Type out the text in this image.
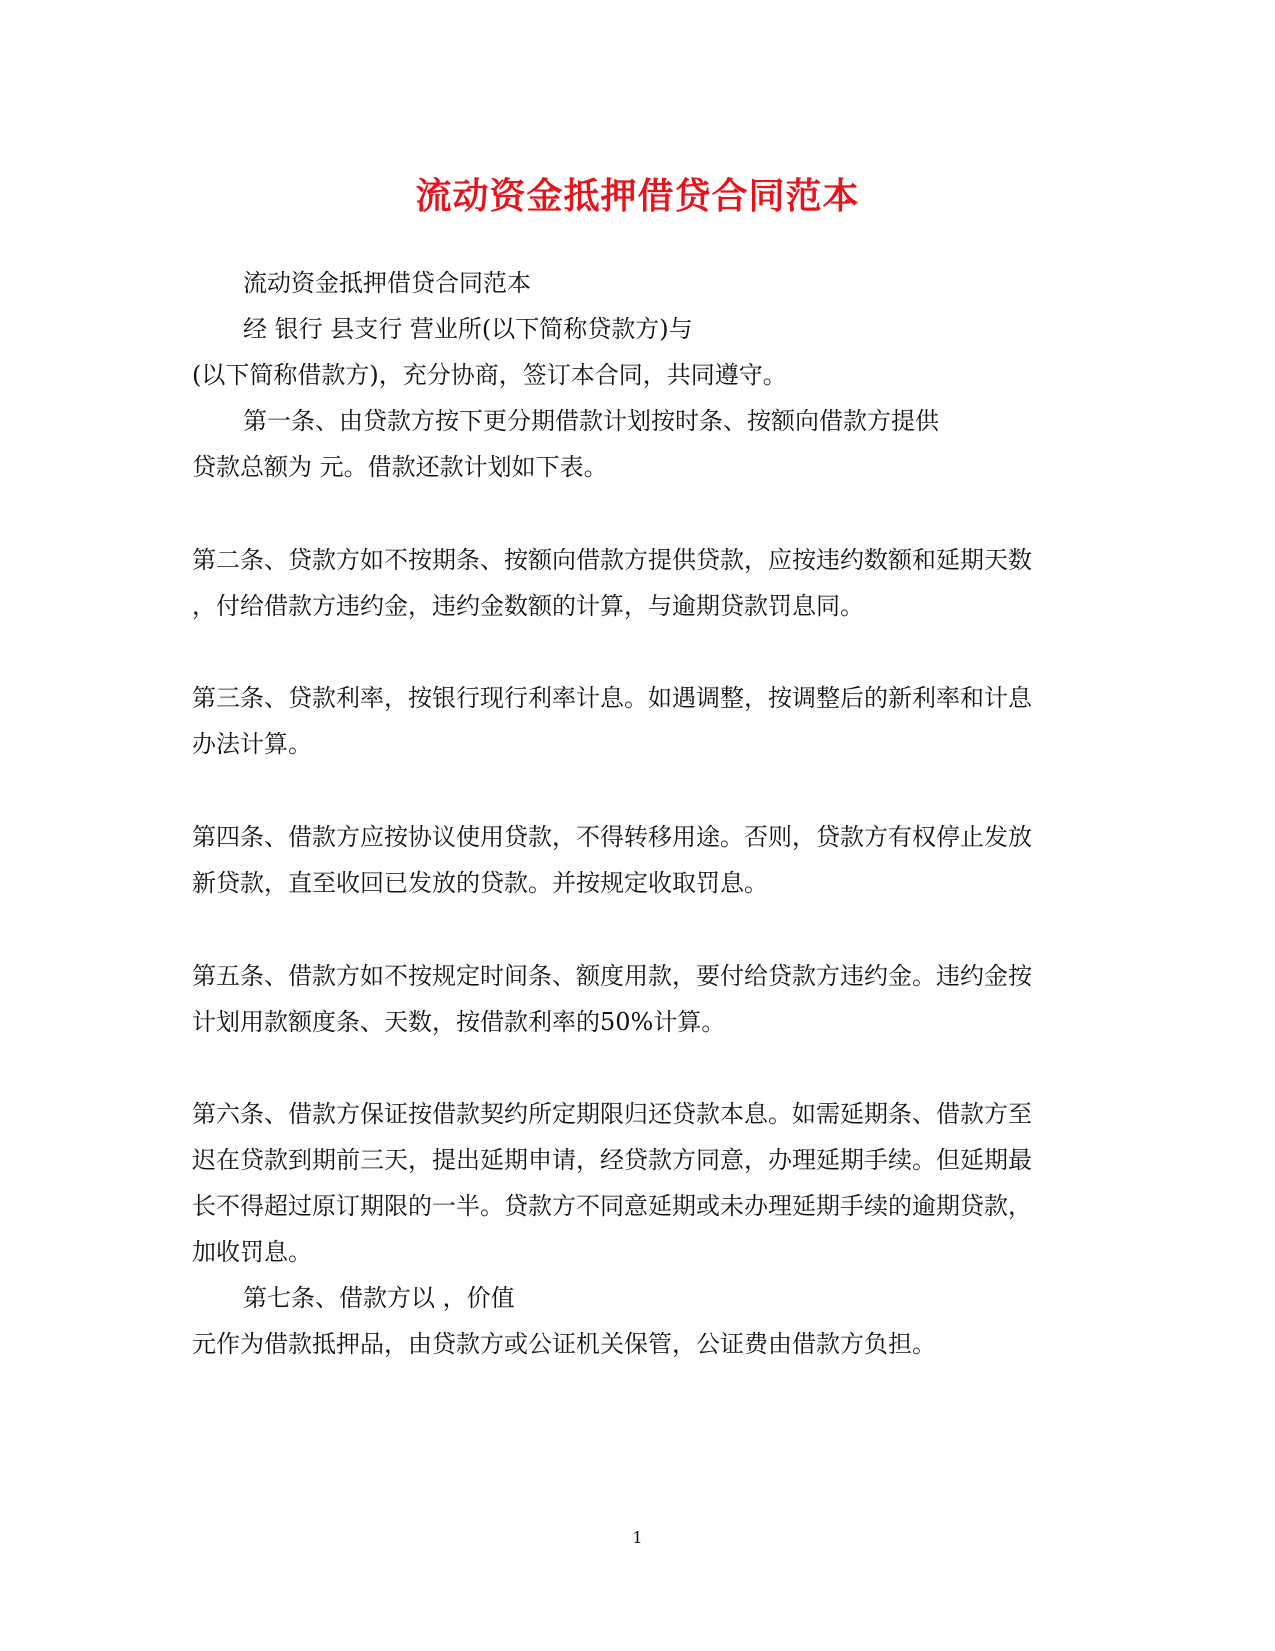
流动资金抵押借贷合同范本

流动资金抵押借贷合同范本

经 银行 县支行 营业所(以下简称贷款方)与

(以下简称借款方)，充分协商，签订本合同，共同遵守。

第一条、由贷款方按下更分期借款计划按时条、按额向借款方提供

贷款总额为 元。借款还款计划如下表。

第二条、贷款方如不按期条、按额向借款方提供贷款，应按违约数额和延期天数

，付给借款方违约金，违约金数额的计算，与逾期贷款罚息同。

第三条、贷款利率，按银行现行利率计息。如遇调整，按调整后的新利率和计息

办法计算。

第四条、借款方应按协议使用贷款，不得转移用途。否则，贷款方有权停止发放

新贷款，直至收回已发放的贷款。并按规定收取罚息。

第五条、借款方如不按规定时间条、额度用款，要付给贷款方违约金。违约金按

计划用款额度条、天数，按借款利率的50%计算。

第六条、借款方保证按借款契约所定期限归还贷款本息。如需延期条、借款方至

迟在贷款到期前三天，提出延期申请，经贷款方同意，办理延期手续。但延期最

长不得超过原订期限的一半。贷款方不同意延期或未办理延期手续的逾期贷款，

加收罚息。

第七条、借款方以 ，价值

元作为借款抵押品，由贷款方或公证机关保管，公证费由借款方负担。

1
